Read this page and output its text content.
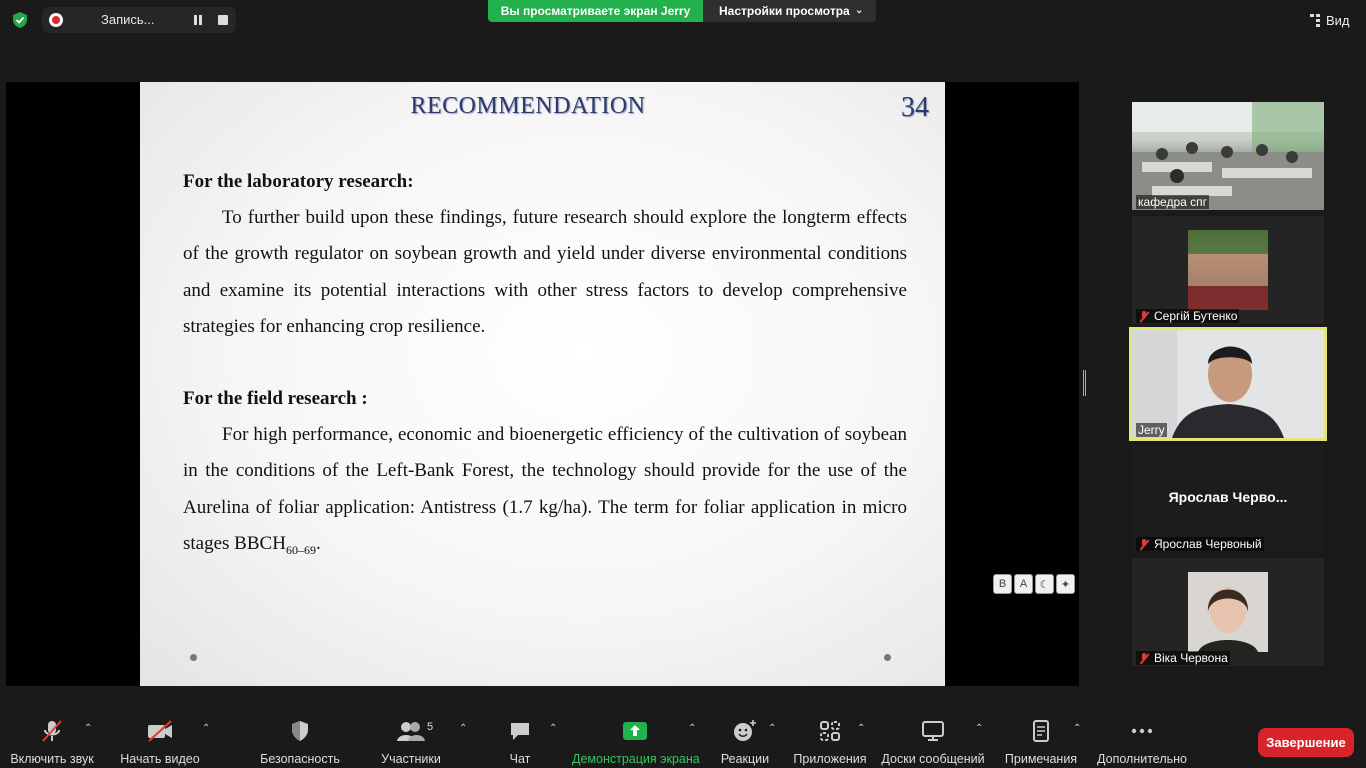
Запись...
Вы просматриваете экран Jerry	Настройки просмотра ⌄
Вид
RECOMMENDATION	34
For the laboratory research:
To further build upon these findings, future research should explore the longterm effects of the growth regulator on soybean growth and yield under diverse environmental conditions and examine its potential interactions with other stress factors to develop comprehensive strategies for enhancing crop resilience.
For the field research :
For high performance, economic and bioenergetic efficiency of the cultivation of soybean in the conditions of the Left-Bank Forest, the technology should provide for the use of the Aurelina of foliar application: Antistress (1.7 kg/ha). The term for foliar application in micro stages $BBCH_{60-69}$.
B	A	☾	✦
кафедра спг
Сергій Бутенко
Jerry
Ярослав Черво...
Ярослав Червоный
Віка Червона
Включить звук
⌃
Начать видео
⌃
Безопасность
5
Участники
⌃
Чат
⌃
Демонстрация экрана
⌃
Реакции
⌃
Приложения
⌃
Доски сообщений
⌃
Примечания
⌃
Дополнительно
Завершение
